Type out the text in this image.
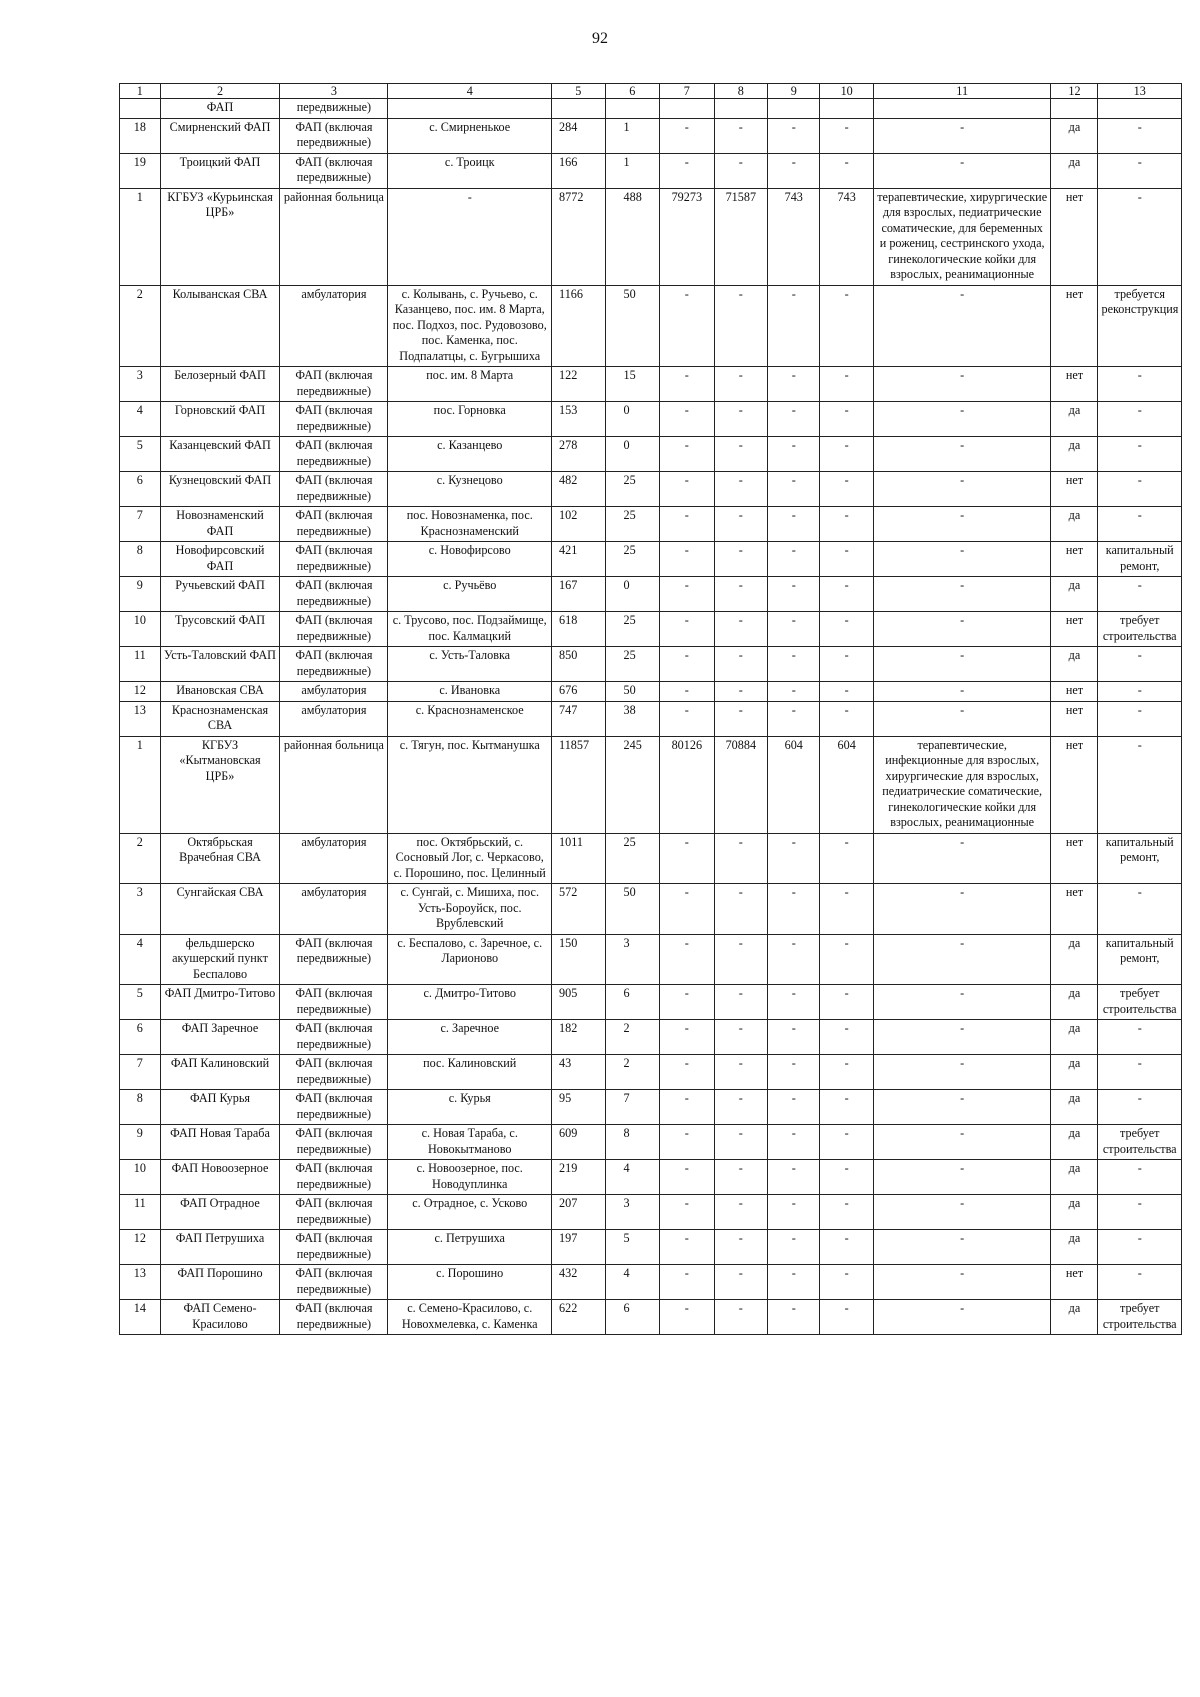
92
1	2	3	4	5	6	7	8	9	10	11	12	13
	ФАП	передвижные)										
18	Смирненский ФАП	ФАП (включая передвижные)	с. Смирненькое	284	1	-	-	-	-	-	да	-
19	Троицкий ФАП	ФАП (включая передвижные)	с. Троицк	166	1	-	-	-	-	-	да	-
1	КГБУЗ «Курьинская ЦРБ»	районная больница	-	8772	488	79273	71587	743	743	терапевтические, хирургические для взрослых, педиатрические соматические, для беременных и рожениц, сестринского ухода, гинекологические койки для взрослых, реанимационные	нет	-
2	Колыванская СВА	амбулатория	с. Колывань, с. Ручьево, с. Казанцево, пос. им. 8 Марта, пос. Подхоз, пос. Рудовозово, пос. Каменка, пос. Подпалатцы, с. Бугрышиха	1166	50	-	-	-	-	-	нет	требуется реконструкция
3	Белозерный ФАП	ФАП (включая передвижные)	пос. им. 8 Марта	122	15	-	-	-	-	-	нет	-
4	Горновский ФАП	ФАП (включая передвижные)	пос. Горновка	153	0	-	-	-	-	-	да	-
5	Казанцевский ФАП	ФАП (включая передвижные)	с. Казанцево	278	0	-	-	-	-	-	да	-
6	Кузнецовский ФАП	ФАП (включая передвижные)	с. Кузнецово	482	25	-	-	-	-	-	нет	-
7	Новознаменский ФАП	ФАП (включая передвижные)	пос. Новознаменка, пос. Краснознаменский	102	25	-	-	-	-	-	да	-
8	Новофирсовский ФАП	ФАП (включая передвижные)	с. Новофирсово	421	25	-	-	-	-	-	нет	капитальный ремонт,
9	Ручьевский ФАП	ФАП (включая передвижные)	с. Ручьёво	167	0	-	-	-	-	-	да	-
10	Трусовский ФАП	ФАП (включая передвижные)	с. Трусово, пос. Подзаймище, пос. Калмацкий	618	25	-	-	-	-	-	нет	требует строительства
11	Усть-Таловский ФАП	ФАП (включая передвижные)	с. Усть-Таловка	850	25	-	-	-	-	-	да	-
12	Ивановская СВА	амбулатория	с. Ивановка	676	50	-	-	-	-	-	нет	-
13	Краснознаменская СВА	амбулатория	с. Краснознаменское	747	38	-	-	-	-	-	нет	-
1	КГБУЗ «Кытмановская ЦРБ»	районная больница	с. Тягун, пос. Кытманушка	11857	245	80126	70884	604	604	терапевтические, инфекционные для взрослых, хирургические для взрослых, педиатрические соматические, гинекологические койки для взрослых, реанимационные	нет	-
2	Октябрьская Врачебная СВА	амбулатория	пос. Октябрьский, с. Сосновый Лог, с. Черкасово, с. Порошино, пос. Целинный	1011	25	-	-	-	-	-	нет	капитальный ремонт,
3	Сунгайская СВА	амбулатория	с. Сунгай, с. Мишиха, пос. Усть-Бороуйск, пос. Врублевский	572	50	-	-	-	-	-	нет	-
4	фельдшерско акушерский пункт Беспалово	ФАП (включая передвижные)	с. Беспалово, с. Заречное, с. Ларионово	150	3	-	-	-	-	-	да	капитальный ремонт,
5	ФАП Дмитро-Титово	ФАП (включая передвижные)	с. Дмитро-Титово	905	6	-	-	-	-	-	да	требует строительства
6	ФАП Заречное	ФАП (включая передвижные)	с. Заречное	182	2	-	-	-	-	-	да	-
7	ФАП Калиновский	ФАП (включая передвижные)	пос. Калиновский	43	2	-	-	-	-	-	да	-
8	ФАП Курья	ФАП (включая передвижные)	с. Курья	95	7	-	-	-	-	-	да	-
9	ФАП Новая Тараба	ФАП (включая передвижные)	с. Новая Тараба, с. Новокытманово	609	8	-	-	-	-	-	да	требует строительства
10	ФАП Новоозерное	ФАП (включая передвижные)	с. Новоозерное, пос. Новодуплинка	219	4	-	-	-	-	-	да	-
11	ФАП Отрадное	ФАП (включая передвижные)	с. Отрадное, с. Усково	207	3	-	-	-	-	-	да	-
12	ФАП Петрушиха	ФАП (включая передвижные)	с. Петрушиха	197	5	-	-	-	-	-	да	-
13	ФАП Порошино	ФАП (включая передвижные)	с. Порошино	432	4	-	-	-	-	-	нет	-
14	ФАП Семено-Красилово	ФАП (включая передвижные)	с. Семено-Красилово, с. Новохмелевка, с. Каменка	622	6	-	-	-	-	-	да	требует строительства
